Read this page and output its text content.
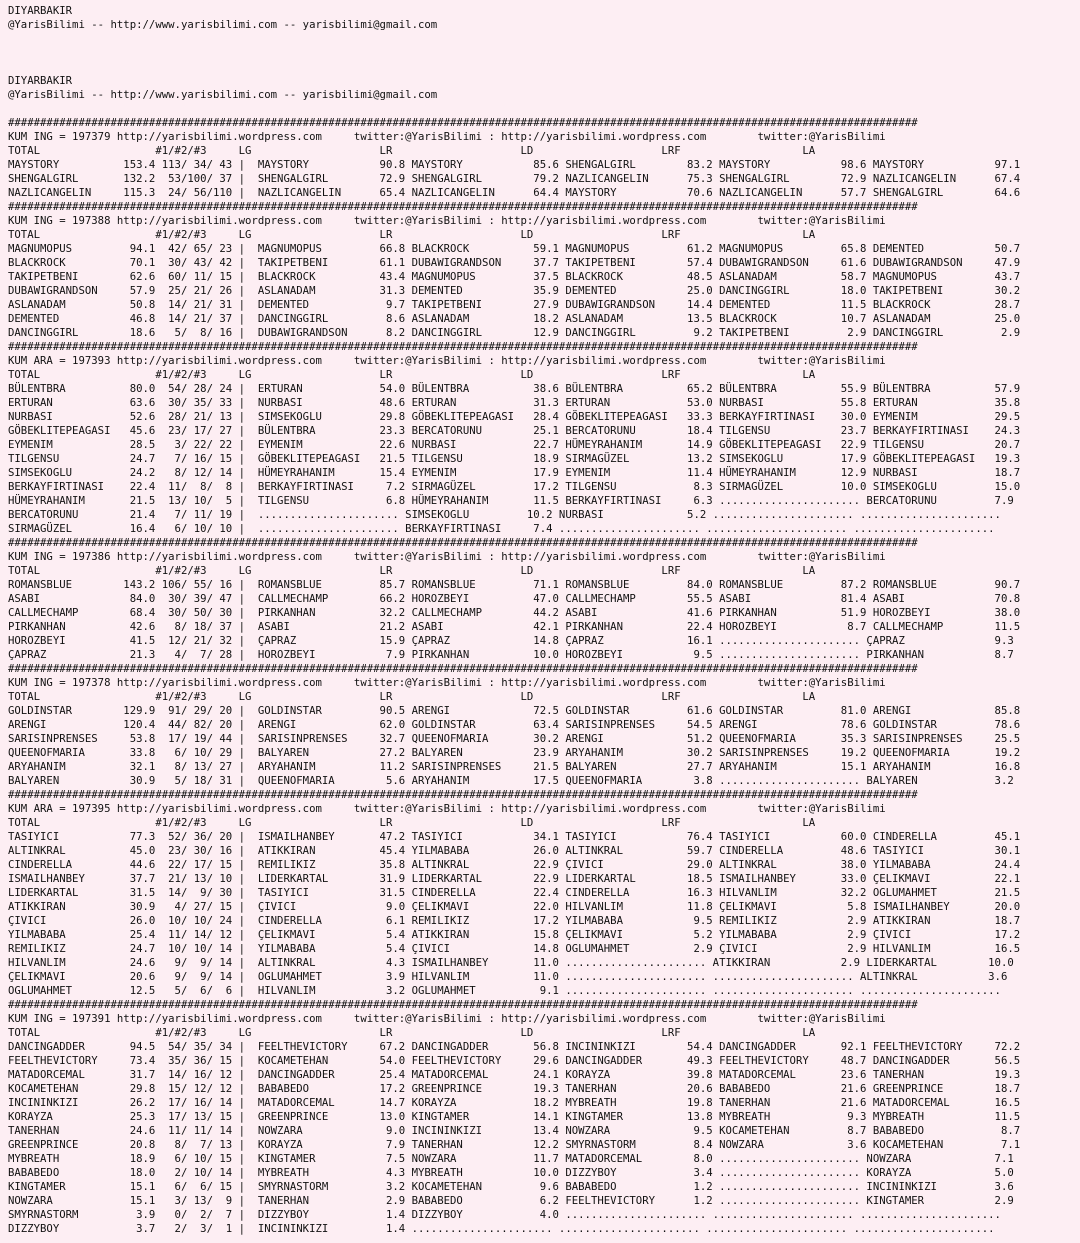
DIYARBAKIR
@YarisBilimi -- http://www.yarisbilimi.com -- yarisbilimi@gmail.com
DIYARBAKIR
@YarisBilimi -- http://www.yarisbilimi.com -- yarisbilimi@gmail.com
##############################################################################################################################################
KUM ING = 197379 http://yarisbilimi.wordpress.com     twitter:@YarisBilimi : http://yarisbilimi.wordpress.com        twitter:@YarisBilimi
TOTAL                  #1/#2/#3     LG                    LR                    LD                    LRF                   LA
MAYSTORY          153.4 113/ 34/ 43 |  MAYSTORY           90.8 MAYSTORY           85.6 SHENGALGIRL        83.2 MAYSTORY           98.6 MAYSTORY           97.1
SHENGALGIRL       132.2  53/100/ 37 |  SHENGALGIRL        72.9 SHENGALGIRL        79.2 NAZLICANGELIN      75.3 SHENGALGIRL        72.9 NAZLICANGELIN      67.4
NAZLICANGELIN     115.3  24/ 56/110 |  NAZLICANGELIN      65.4 NAZLICANGELIN      64.4 MAYSTORY           70.6 NAZLICANGELIN      57.7 SHENGALGIRL        64.6
##############################################################################################################################################
KUM ING = 197388 http://yarisbilimi.wordpress.com     twitter:@YarisBilimi : http://yarisbilimi.wordpress.com        twitter:@YarisBilimi
TOTAL                  #1/#2/#3     LG                    LR                    LD                    LRF                   LA
MAGNUMOPUS         94.1  42/ 65/ 23 |  MAGNUMOPUS         66.8 BLACKROCK          59.1 MAGNUMOPUS         61.2 MAGNUMOPUS         65.8 DEMENTED           50.7
BLACKROCK          70.1  30/ 43/ 42 |  TAKIPETBENI        61.1 DUBAWIGRANDSON     37.7 TAKIPETBENI        57.4 DUBAWIGRANDSON     61.6 DUBAWIGRANDSON     47.9
TAKIPETBENI        62.6  60/ 11/ 15 |  BLACKROCK          43.4 MAGNUMOPUS         37.5 BLACKROCK          48.5 ASLANADAM          58.7 MAGNUMOPUS         43.7
DUBAWIGRANDSON     57.9  25/ 21/ 26 |  ASLANADAM          31.3 DEMENTED           35.9 DEMENTED           25.0 DANCINGGIRL        18.0 TAKIPETBENI        30.2
ASLANADAM          50.8  14/ 21/ 31 |  DEMENTED            9.7 TAKIPETBENI        27.9 DUBAWIGRANDSON     14.4 DEMENTED           11.5 BLACKROCK          28.7
DEMENTED           46.8  14/ 21/ 37 |  DANCINGGIRL         8.6 ASLANADAM          18.2 ASLANADAM          13.5 BLACKROCK          10.7 ASLANADAM          25.0
DANCINGGIRL        18.6   5/  8/ 16 |  DUBAWIGRANDSON      8.2 DANCINGGIRL        12.9 DANCINGGIRL         9.2 TAKIPETBENI         2.9 DANCINGGIRL         2.9
##############################################################################################################################################
KUM ARA = 197393 http://yarisbilimi.wordpress.com     twitter:@YarisBilimi : http://yarisbilimi.wordpress.com        twitter:@YarisBilimi
TOTAL                  #1/#2/#3     LG                    LR                    LD                    LRF                   LA
BÜLENTBRA          80.0  54/ 28/ 24 |  ERTURAN            54.0 BÜLENTBRA          38.6 BÜLENTBRA          65.2 BÜLENTBRA          55.9 BÜLENTBRA          57.9
ERTURAN            63.6  30/ 35/ 33 |  NURBASI            48.6 ERTURAN            31.3 ERTURAN            53.0 NURBASI            55.8 ERTURAN            35.8
NURBASI            52.6  28/ 21/ 13 |  SIMSEKOGLU         29.8 GÖBEKLITEPEAGASI   28.4 GÖBEKLITEPEAGASI   33.3 BERKAYFIRTINASI    30.0 EYMENIM            29.5
GÖBEKLITEPEAGASI   45.6  23/ 17/ 27 |  BÜLENTBRA          23.3 BERCATORUNU        25.1 BERCATORUNU        18.4 TILGENSU           23.7 BERKAYFIRTINASI    24.3
EYMENIM            28.5   3/ 22/ 22 |  EYMENIM            22.6 NURBASI            22.7 HÜMEYRAHANIM       14.9 GÖBEKLITEPEAGASI   22.9 TILGENSU           20.7
TILGENSU           24.7   7/ 16/ 15 |  GÖBEKLITEPEAGASI   21.5 TILGENSU           18.9 SIRMAGÜZEL         13.2 SIMSEKOGLU         17.9 GÖBEKLITEPEAGASI   19.3
SIMSEKOGLU         24.2   8/ 12/ 14 |  HÜMEYRAHANIM       15.4 EYMENIM            17.9 EYMENIM            11.4 HÜMEYRAHANIM       12.9 NURBASI            18.7
BERKAYFIRTINASI    22.4  11/  8/  8 |  BERKAYFIRTINASI     7.2 SIRMAGÜZEL         17.2 TILGENSU            8.3 SIRMAGÜZEL         10.0 SIMSEKOGLU         15.0
HÜMEYRAHANIM       21.5  13/ 10/  5 |  TILGENSU            6.8 HÜMEYRAHANIM       11.5 BERKAYFIRTINASI     6.3 ...................... BERCATORUNU         7.9
BERCATORUNU        21.4   7/ 11/ 19 |  ...................... SIMSEKOGLU         10.2 NURBASI             5.2 ...................... ......................
SIRMAGÜZEL         16.4   6/ 10/ 10 |  ...................... BERKAYFIRTINASI     7.4 ...................... ...................... ......................
##############################################################################################################################################
KUM ING = 197386 http://yarisbilimi.wordpress.com     twitter:@YarisBilimi : http://yarisbilimi.wordpress.com        twitter:@YarisBilimi
TOTAL                  #1/#2/#3     LG                    LR                    LD                    LRF                   LA
ROMANSBLUE        143.2 106/ 55/ 16 |  ROMANSBLUE         85.7 ROMANSBLUE         71.1 ROMANSBLUE         84.0 ROMANSBLUE         87.2 ROMANSBLUE         90.7
ASABI              84.0  30/ 39/ 47 |  CALLMECHAMP        66.2 HOROZBEYI          47.0 CALLMECHAMP        55.5 ASABI              81.4 ASABI              70.8
CALLMECHAMP        68.4  30/ 50/ 30 |  PIRKANHAN          32.2 CALLMECHAMP        44.2 ASABI              41.6 PIRKANHAN          51.9 HOROZBEYI          38.0
PIRKANHAN          42.6   8/ 18/ 37 |  ASABI              21.2 ASABI              42.1 PIRKANHAN          22.4 HOROZBEYI           8.7 CALLMECHAMP        11.5
HOROZBEYI          41.5  12/ 21/ 32 |  ÇAPRAZ             15.9 ÇAPRAZ             14.8 ÇAPRAZ             16.1 ...................... ÇAPRAZ              9.3
ÇAPRAZ             21.3   4/  7/ 28 |  HOROZBEYI           7.9 PIRKANHAN          10.0 HOROZBEYI           9.5 ...................... PIRKANHAN           8.7
##############################################################################################################################################
KUM ING = 197378 http://yarisbilimi.wordpress.com     twitter:@YarisBilimi : http://yarisbilimi.wordpress.com        twitter:@YarisBilimi
TOTAL                  #1/#2/#3     LG                    LR                    LD                    LRF                   LA
GOLDINSTAR        129.9  91/ 29/ 20 |  GOLDINSTAR         90.5 ARENGI             72.5 GOLDINSTAR         61.6 GOLDINSTAR         81.0 ARENGI             85.8
ARENGI            120.4  44/ 82/ 20 |  ARENGI             62.0 GOLDINSTAR         63.4 SARISINPRENSES     54.5 ARENGI             78.6 GOLDINSTAR         78.6
SARISINPRENSES     53.8  17/ 19/ 44 |  SARISINPRENSES     32.7 QUEENOFMARIA       30.2 ARENGI             51.2 QUEENOFMARIA       35.3 SARISINPRENSES     25.5
QUEENOFMARIA       33.8   6/ 10/ 29 |  BALYAREN           27.2 BALYAREN           23.9 ARYAHANIM          30.2 SARISINPRENSES     19.2 QUEENOFMARIA       19.2
ARYAHANIM          32.1   8/ 13/ 27 |  ARYAHANIM          11.2 SARISINPRENSES     21.5 BALYAREN           27.7 ARYAHANIM          15.1 ARYAHANIM          16.8
BALYAREN           30.9   5/ 18/ 31 |  QUEENOFMARIA        5.6 ARYAHANIM          17.5 QUEENOFMARIA        3.8 ...................... BALYAREN            3.2
##############################################################################################################################################
KUM ARA = 197395 http://yarisbilimi.wordpress.com     twitter:@YarisBilimi : http://yarisbilimi.wordpress.com        twitter:@YarisBilimi
TOTAL                  #1/#2/#3     LG                    LR                    LD                    LRF                   LA
TASIYICI           77.3  52/ 36/ 20 |  ISMAILHANBEY       47.2 TASIYICI           34.1 TASIYICI           76.4 TASIYICI           60.0 CINDERELLA         45.1
ALTINKRAL          45.0  23/ 30/ 16 |  ATIKKIRAN          45.4 YILMABABA          26.0 ALTINKRAL          59.7 CINDERELLA         48.6 TASIYICI           30.1
CINDERELLA         44.6  22/ 17/ 15 |  REMILIKIZ          35.8 ALTINKRAL          22.9 ÇIVICI             29.0 ALTINKRAL          38.0 YILMABABA          24.4
ISMAILHANBEY       37.7  21/ 13/ 10 |  LIDERKARTAL        31.9 LIDERKARTAL        22.9 LIDERKARTAL        18.5 ISMAILHANBEY       33.0 ÇELIKMAVI          22.1
LIDERKARTAL        31.5  14/  9/ 30 |  TASIYICI           31.5 CINDERELLA         22.4 CINDERELLA         16.3 HILVANLIM          32.2 OGLUMAHMET         21.5
ATIKKIRAN          30.9   4/ 27/ 15 |  ÇIVICI              9.0 ÇELIKMAVI          22.0 HILVANLIM          11.8 ÇELIKMAVI           5.8 ISMAILHANBEY       20.0
ÇIVICI             26.0  10/ 10/ 24 |  CINDERELLA          6.1 REMILIKIZ          17.2 YILMABABA           9.5 REMILIKIZ           2.9 ATIKKIRAN          18.7
YILMABABA          25.4  11/ 14/ 12 |  ÇELIKMAVI           5.4 ATIKKIRAN          15.8 ÇELIKMAVI           5.2 YILMABABA           2.9 ÇIVICI             17.2
REMILIKIZ          24.7  10/ 10/ 14 |  YILMABABA           5.4 ÇIVICI             14.8 OGLUMAHMET          2.9 ÇIVICI              2.9 HILVANLIM          16.5
HILVANLIM          24.6   9/  9/ 14 |  ALTINKRAL           4.3 ISMAILHANBEY       11.0 ...................... ATIKKIRAN           2.9 LIDERKARTAL        10.0
ÇELIKMAVI          20.6   9/  9/ 14 |  OGLUMAHMET          3.9 HILVANLIM          11.0 ...................... ...................... ALTINKRAL           3.6
OGLUMAHMET         12.5   5/  6/  6 |  HILVANLIM           3.2 OGLUMAHMET          9.1 ...................... ...................... ......................
##############################################################################################################################################
KUM ING = 197391 http://yarisbilimi.wordpress.com     twitter:@YarisBilimi : http://yarisbilimi.wordpress.com        twitter:@YarisBilimi
TOTAL                  #1/#2/#3     LG                    LR                    LD                    LRF                   LA
DANCINGADDER       94.5  54/ 35/ 34 |  FEELTHEVICTORY     67.2 DANCINGADDER       56.8 INCININKIZI        54.4 DANCINGADDER       92.1 FEELTHEVICTORY     72.2
FEELTHEVICTORY     73.4  35/ 36/ 15 |  KOCAMETEHAN        54.0 FEELTHEVICTORY     29.6 DANCINGADDER       49.3 FEELTHEVICTORY     48.7 DANCINGADDER       56.5
MATADORCEMAL       31.7  14/ 16/ 12 |  DANCINGADDER       25.4 MATADORCEMAL       24.1 KORAYZA            39.8 MATADORCEMAL       23.6 TANERHAN           19.3
KOCAMETEHAN        29.8  15/ 12/ 12 |  BABABEDO           17.2 GREENPRINCE        19.3 TANERHAN           20.6 BABABEDO           21.6 GREENPRINCE        18.7
INCININKIZI        26.2  17/ 16/ 14 |  MATADORCEMAL       14.7 KORAYZA            18.2 MYBREATH           19.8 TANERHAN           21.6 MATADORCEMAL       16.5
KORAYZA            25.3  17/ 13/ 15 |  GREENPRINCE        13.0 KINGTAMER          14.1 KINGTAMER          13.8 MYBREATH            9.3 MYBREATH           11.5
TANERHAN           24.6  11/ 11/ 14 |  NOWZARA             9.0 INCININKIZI        13.4 NOWZARA             9.5 KOCAMETEHAN         8.7 BABABEDO            8.7
GREENPRINCE        20.8   8/  7/ 13 |  KORAYZA             7.9 TANERHAN           12.2 SMYRNASTORM         8.4 NOWZARA             3.6 KOCAMETEHAN         7.1
MYBREATH           18.9   6/ 10/ 15 |  KINGTAMER           7.5 NOWZARA            11.7 MATADORCEMAL        8.0 ...................... NOWZARA             7.1
BABABEDO           18.0   2/ 10/ 14 |  MYBREATH            4.3 MYBREATH           10.0 DIZZYBOY            3.4 ...................... KORAYZA             5.0
KINGTAMER          15.1   6/  6/ 15 |  SMYRNASTORM         3.2 KOCAMETEHAN         9.6 BABABEDO            1.2 ...................... INCININKIZI         3.6
NOWZARA            15.1   3/ 13/  9 |  TANERHAN            2.9 BABABEDO            6.2 FEELTHEVICTORY      1.2 ...................... KINGTAMER           2.9
SMYRNASTORM         3.9   0/  2/  7 |  DIZZYBOY            1.4 DIZZYBOY            4.0 ...................... ...................... ......................
DIZZYBOY            3.7   2/  3/  1 |  INCININKIZI         1.4 ...................... ...................... ...................... ......................
